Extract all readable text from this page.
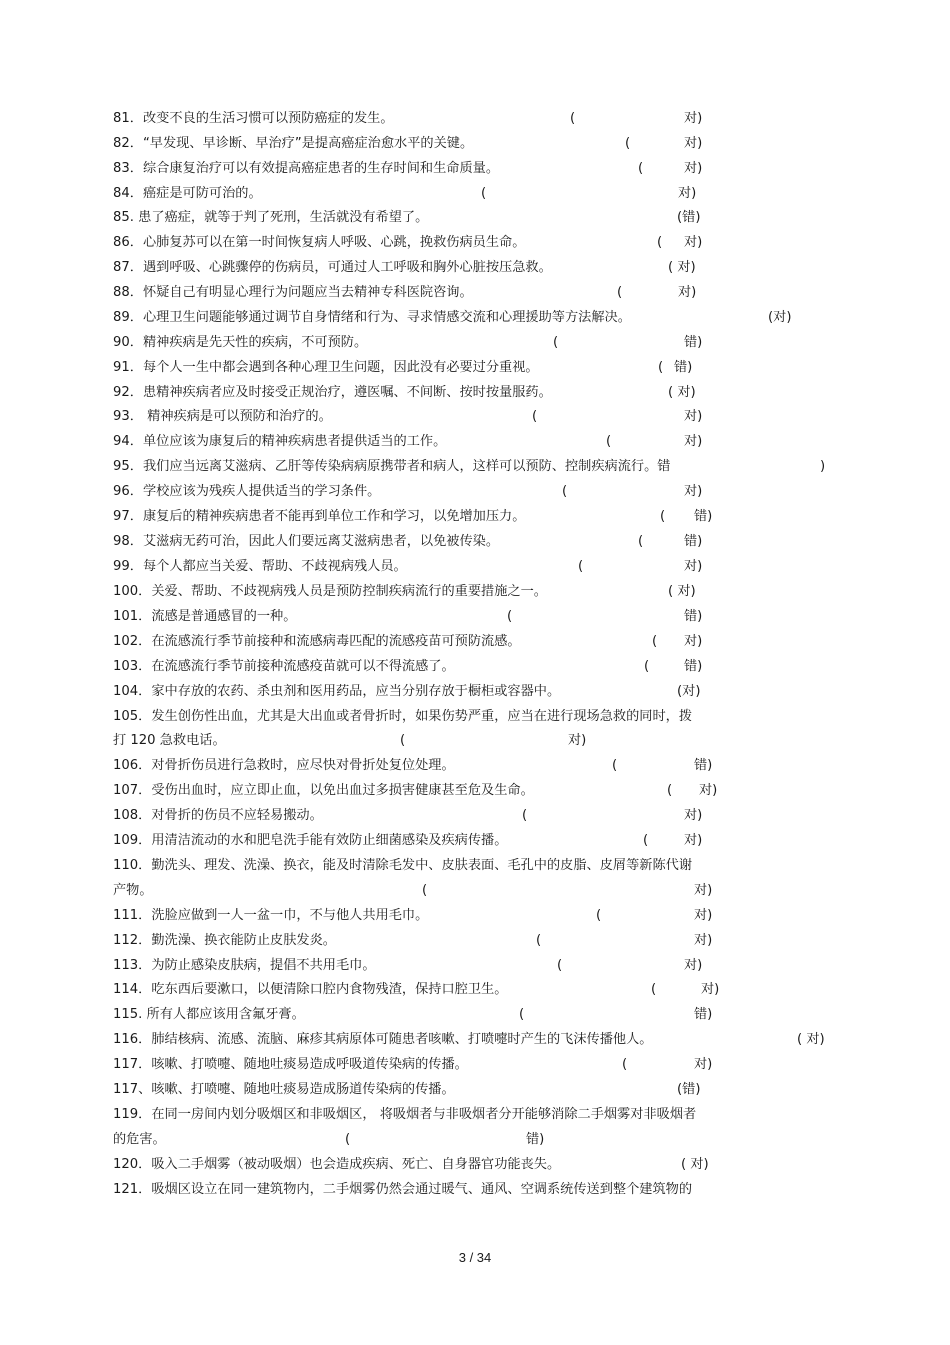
81．改变不良的生活习惯可以预防癌症的发生。	(	对)
82．“早发现、早诊断、早治疗”是提高癌症治愈水平的关键。	(	对)
83．综合康复治疗可以有效提高癌症患者的生存时间和生命质量。	(	对)
84．癌症是可防可治的。	(	对)
85. 患了癌症，就等于判了死刑，生活就没有希望了。	(错)
86．心肺复苏可以在第一时间恢复病人呼吸、心跳，挽救伤病员生命。	( 对)
87．遇到呼吸、心跳骤停的伤病员，可通过人工呼吸和胸外心脏按压急救。	( 对)
88．怀疑自己有明显心理行为问题应当去精神专科医院咨询。	(	对)
89．心理卫生问题能够通过调节自身情绪和行为、寻求情感交流和心理援助等方法解决。	(对)
90．精神疾病是先天性的疾病，不可预防。	(	错)
91．每个人一生中都会遇到各种心理卫生问题，因此没有必要过分重视。	( 错)
92．患精神疾病者应及时接受正规治疗，遵医嘱、不间断、按时按量服药。	( 对)
93． 精神疾病是可以预防和治疗的。	(	对)
94．单位应该为康复后的精神疾病患者提供适当的工作。	(	对)
95．我们应当远离艾滋病、乙肝等传染病病原携带者和病人，这样可以预防、控制疾病流行。错	)
96．学校应该为残疾人提供适当的学习条件。	(	对)
97．康复后的精神疾病患者不能再到单位工作和学习，以免增加压力。	( 错)
98．艾滋病无药可治，因此人们要远离艾滋病患者，以免被传染。	(	错)
99．每个人都应当关爱、帮助、不歧视病残人员。	(	对)
100．关爱、帮助、不歧视病残人员是预防控制疾病流行的重要措施之一。	( 对)
101．流感是普通感冒的一种。	(	错)
102．在流感流行季节前接种和流感病毒匹配的流感疫苗可预防流感。	( 对)
103．在流感流行季节前接种流感疫苗就可以不得流感了。	(	错)
104．家中存放的农药、杀虫剂和医用药品，应当分别存放于橱柜或容器中。	(对)
105．发生创伤性出血，尤其是大出血或者骨折时，如果伤势严重，应当在进行现场急救的同时，拨
打 120 急救电话。	(	对)
106．对骨折伤员进行急救时，应尽快对骨折处复位处理。	(	错)
107．受伤出血时，应立即止血，以免出血过多损害健康甚至危及生命。	( 对)
108．对骨折的伤员不应轻易搬动。	(	对)
109．用清洁流动的水和肥皂洗手能有效防止细菌感染及疾病传播。	(	对)
110．勤洗头、理发、洗澡、换衣，能及时清除毛发中、皮肤表面、毛孔中的皮脂、皮屑等新陈代谢
产物。	(	对)
111．洗脸应做到一人一盆一巾，不与他人共用毛巾。	(	对)
112．勤洗澡、换衣能防止皮肤发炎。	(	对)
113．为防止感染皮肤病，提倡不共用毛巾。	(	对)
114．吃东西后要漱口，以便清除口腔内食物残渣，保持口腔卫生。	(	对)
115. 所有人都应该用含氟牙膏。	(	错)
116．肺结核病、流感、流脑、麻疹其病原体可随患者咳嗽、打喷嚏时产生的飞沫传播他人。	( 对)
117．咳嗽、打喷嚏、随地吐痰易造成呼吸道传染病的传播。	(	对)
117、咳嗽、打喷嚏、随地吐痰易造成肠道传染病的传播。	(错)
119．在同一房间内划分吸烟区和非吸烟区， 将吸烟者与非吸烟者分开能够消除二手烟雾对非吸烟者
的危害。	(	错)
120．吸入二手烟雾（被动吸烟）也会造成疾病、死亡、自身器官功能丧失。	( 对)
121．吸烟区设立在同一建筑物内，二手烟雾仍然会通过暖气、通风、空调系统传送到整个建筑物的
3 / 34
